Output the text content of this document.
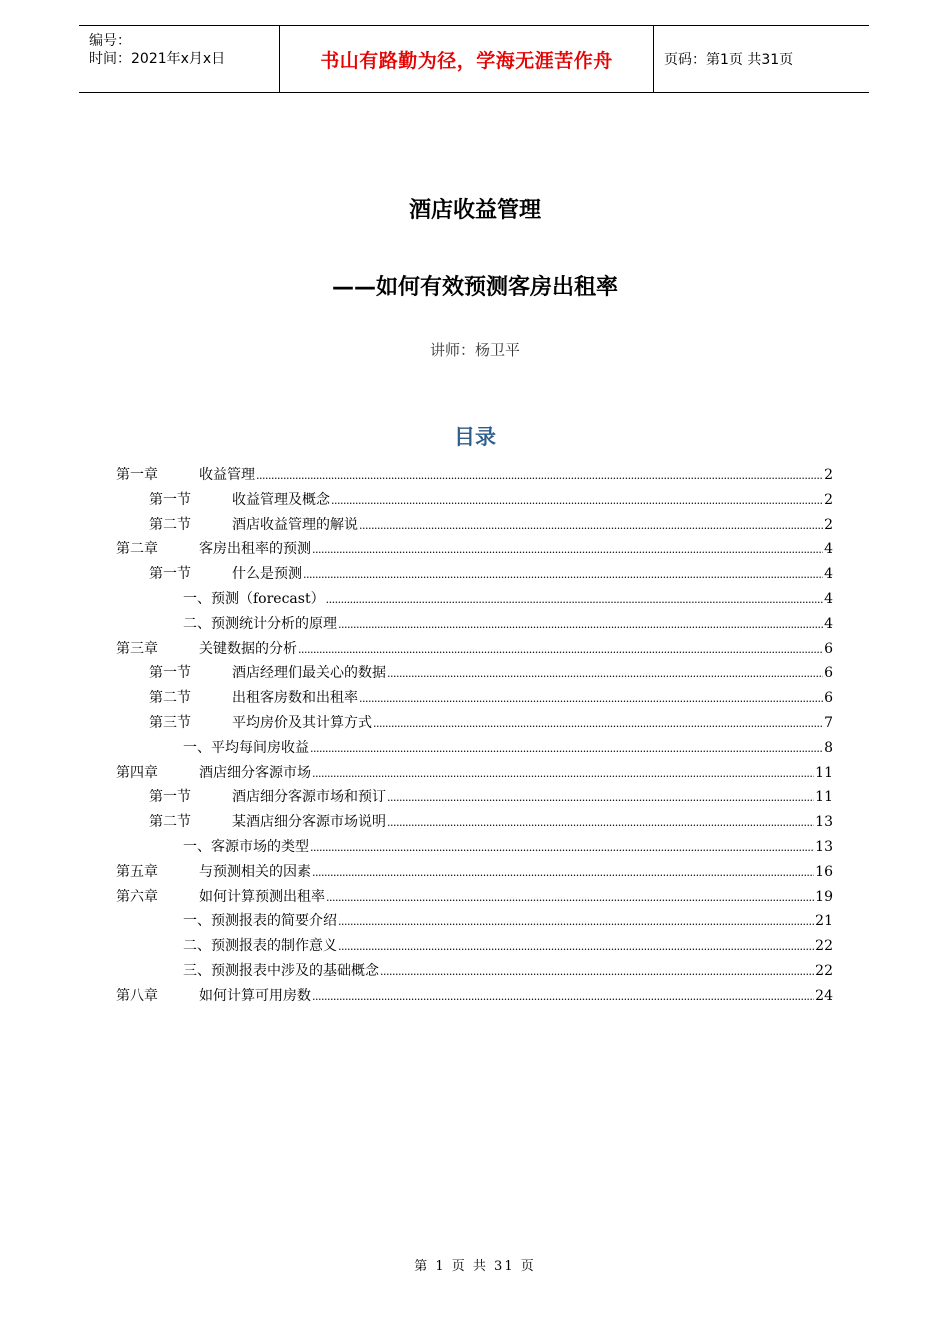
编号：
时间：2021年x月x日	书山有路勤为径，学海无涯苦作舟	页码：第1页 共31页
酒店收益管理
——如何有效预测客房出租率
讲师：杨卫平
目录
第一章	收益管理 .....	2
第一节	收益管理及概念 .....	2
第二节	酒店收益管理的解说 .....	2
第二章	客房出租率的预测 .....	4
第一节	什么是预测 .....	4
一、预测（forecast） .....	4
二、预测统计分析的原理 .....	4
第三章	关键数据的分析 .....	6
第一节	酒店经理们最关心的数据 .....	6
第二节	出租客房数和出租率 .....	6
第三节	平均房价及其计算方式 .....	7
一、平均每间房收益 .....	8
第四章	酒店细分客源市场 .....	11
第一节	酒店细分客源市场和预订 .....	11
第二节	某酒店细分客源市场说明 .....	13
一、客源市场的类型 .....	13
第五章	与预测相关的因素 .....	16
第六章	如何计算预测出租率 .....	19
一、预测报表的简要介绍 .....	21
二、预测报表的制作意义 .....	22
三、预测报表中涉及的基础概念 .....	22
第八章	如何计算可用房数 .....	24
第 1 页 共 31 页
